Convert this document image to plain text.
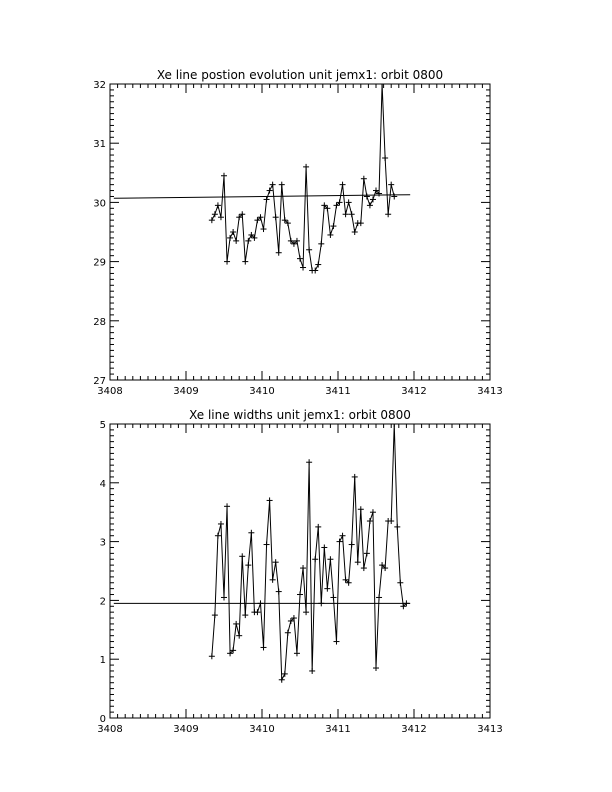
Xe line postion evolution unit jemx1: orbit 0800
3408	3409	3410	3411	3412	3413
27
28
29
30
31
32
Xe line widths unit jemx1: orbit 0800
3408	3409	3410	3411	3412	3413
0
1
2
3
4
5
